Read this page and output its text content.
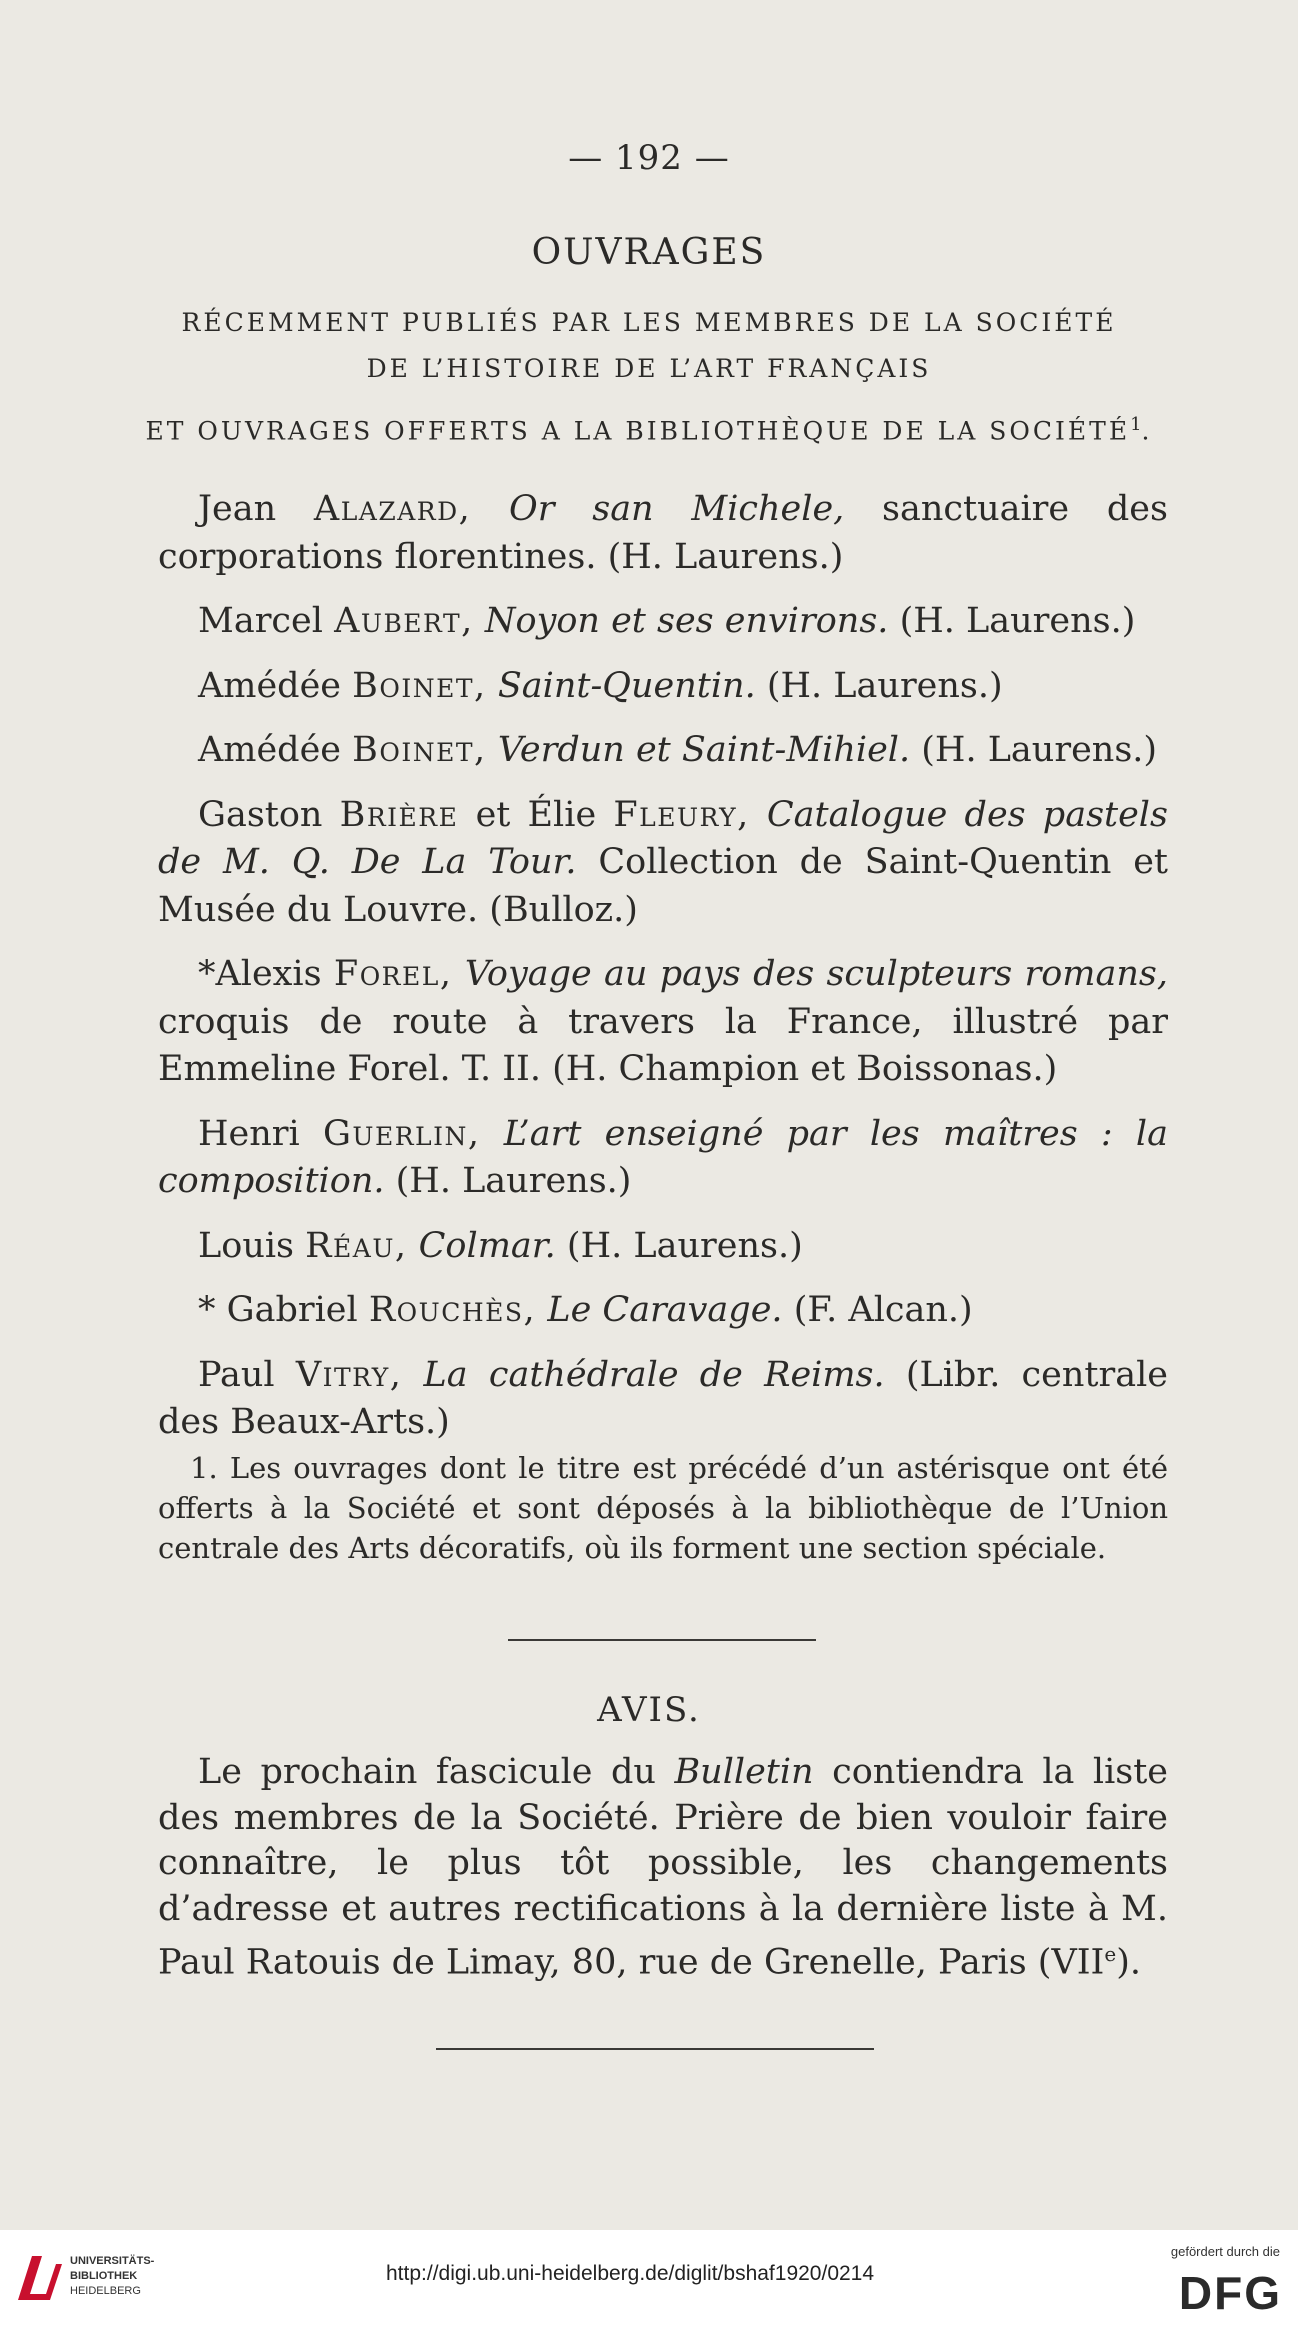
— 192 —
OUVRAGES
RÉCEMMENT PUBLIÉS PAR LES MEMBRES DE LA SOCIÉTÉ
DE L’HISTOIRE DE L’ART FRANÇAIS
ET OUVRAGES OFFERTS A LA BIBLIOTHÈQUE DE LA SOCIÉTÉ$^1$.

Jean Alazard, Or san Michele, sanctuaire des corporations florentines. (H. Laurens.)

Marcel Aubert, Noyon et ses environs. (H. Laurens.)

Amédée Boinet, Saint-Quentin. (H. Laurens.)

Amédée Boinet, Verdun et Saint-Mihiel. (H. Laurens.)

Gaston Brière et Élie Fleury, Catalogue des pastels de M. Q. De La Tour. Collection de Saint-Quentin et Musée du Louvre. (Bulloz.)

*Alexis Forel, Voyage au pays des sculpteurs romans, croquis de route à travers la France, illustré par Emmeline Forel. T. II. (H. Champion et Boissonas.)

Henri Guerlin, L’art enseigné par les maîtres : la composition. (H. Laurens.)

Louis Réau, Colmar. (H. Laurens.)

* Gabriel Rouchès, Le Caravage. (F. Alcan.)

Paul Vitry, La cathédrale de Reims. (Libr. centrale des Beaux-Arts.)

1. Les ouvrages dont le titre est précédé d’un astérisque ont été offerts à la Société et sont déposés à la bibliothèque de l’Union centrale des Arts décoratifs, où ils forment une section spéciale.
AVIS.
Le prochain fascicule du Bulletin contiendra la liste des membres de la Société. Prière de bien vouloir faire connaître, le plus tôt possible, les changements d’adresse et autres rectifications à la dernière liste à M. Paul Ratouis de Limay, 80, rue de Grenelle, Paris (VIIe).
UNIVERSITÄTS-
BIBLIOTHEK
HEIDELBERG
http://digi.ub.uni-heidelberg.de/diglit/bshaf1920/0214
gefördert durch die
DFG
